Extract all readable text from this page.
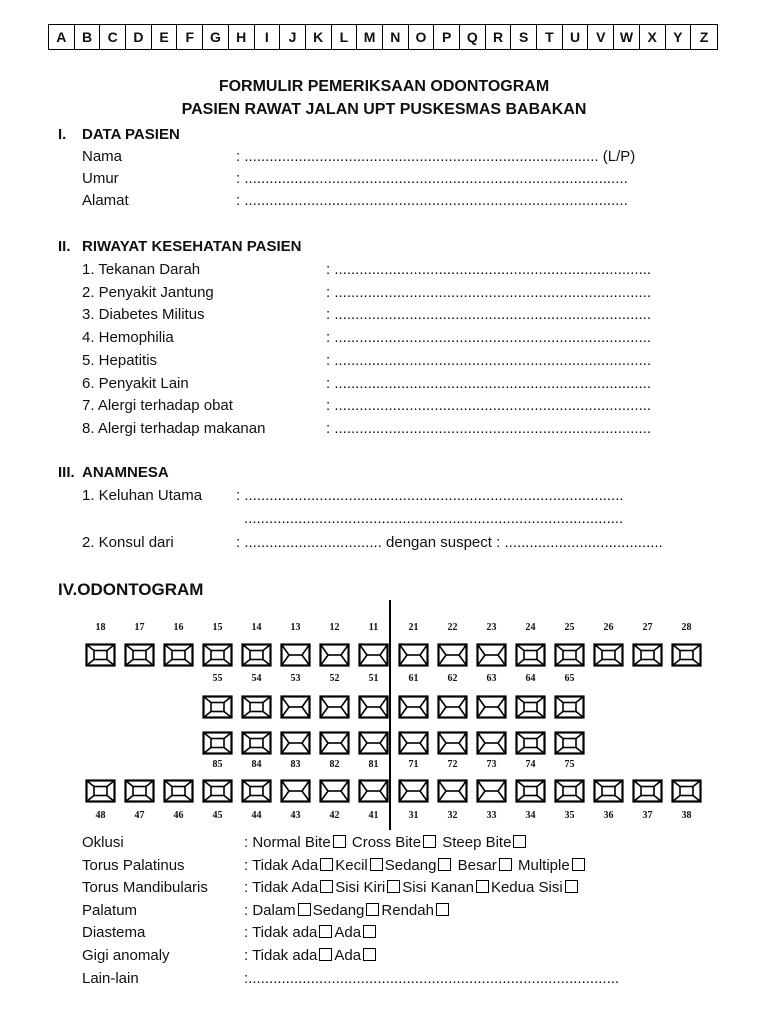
A	B	C	D	E	F	G	H	I	J	K	L	M	N	O	P	Q	R	S	T	U	V	W	X	Y	Z
FORMULIR PEMERIKSAAN ODONTOGRAM
PASIEN RAWAT JALAN UPT PUSKESMAS BABAKAN
I. DATA PASIEN
Nama	: ..................................................................................... (L/P)
Umur	: ............................................................................................
Alamat	: ............................................................................................
II. RIWAYAT KESEHATAN PASIEN
1. Tekanan Darah	: ............................................................................
2. Penyakit Jantung	: ............................................................................
3. Diabetes Militus	: ............................................................................
4. Hemophilia	: ............................................................................
5. Hepatitis	: ............................................................................
6. Penyakit Lain	: ............................................................................
7. Alergi terhadap obat	: ............................................................................
8. Alergi terhadap makanan	: ............................................................................
III. ANAMNESA
1. Keluhan Utama : ...........................................................................................
...........................................................................................
2. Konsul dari	: ................................. dengan suspect : ......................................
IV.ODONTOGRAM
18	17	16	15	14	13	12	11	21	22	23	24	25	26	27	28
55	54	53	52	51	61	62	63	64	65
85	84	83	82	81	71	72	73	74	75
48	47	46	45	44	43	42	41	31	32	33	34	35	36	37	38
Oklusi	: Normal Bite Cross Bite Steep Bite
Torus Palatinus	: Tidak Ada Kecil Sedang Besar Multiple
Torus Mandibularis : Tidak Ada Sisi Kiri Sisi Kanan Kedua Sisi
Palatum	: Dalam Sedang Rendah
Diastema	: Tidak ada Ada
Gigi anomaly	: Tidak ada Ada
Lain-lain	:.........................................................................................
